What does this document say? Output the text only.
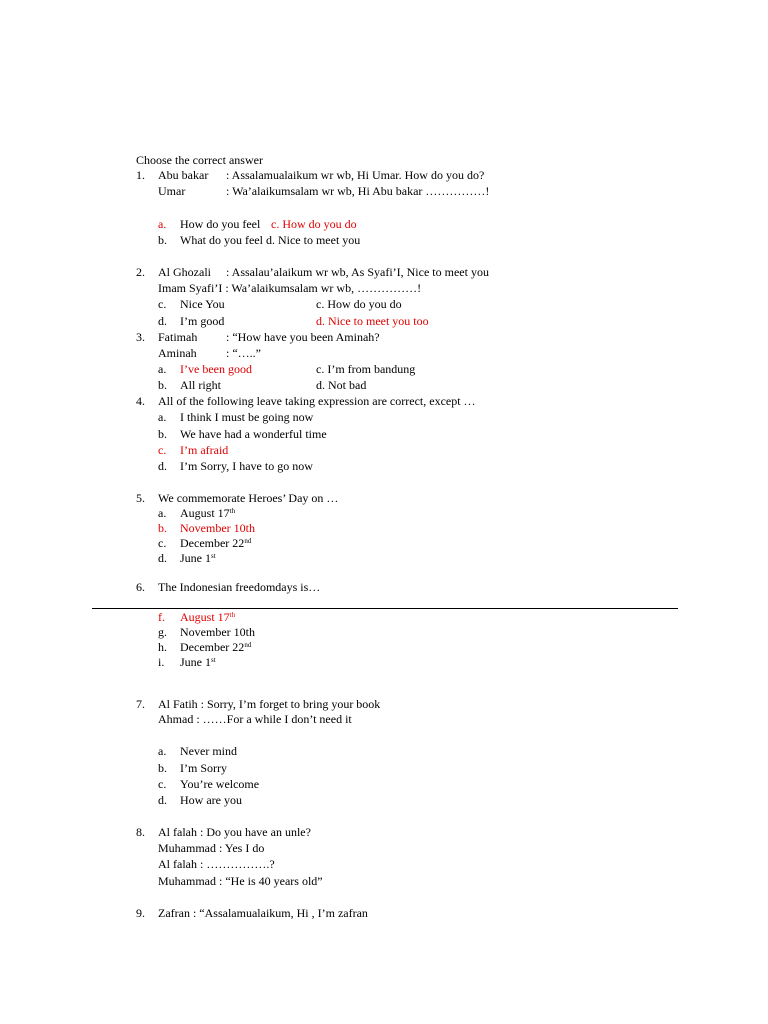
Choose the correct answer
1. Abu bakar : Assalamualaikum wr wb, Hi Umar. How do you do?
Umar	: Wa’alaikumsalam wr wb, Hi Abu bakar ……………!
a. How do you feel c. How do you do
b. What do you feel d. Nice to meet you
2. Al Ghozali : Assalau’alaikum wr wb, As Syafi’I, Nice to meet you
Imam Syafi’I : Wa’alaikumsalam wr wb, ……………!
c. Nice You	c. How do you do
d. I’m good	d. Nice to meet you too
3. Fatimah : “How have you been Aminah?
Aminah : “…..”
a. I’ve been good	c. I’m from bandung
b. All right	d. Not bad
4. All of the following leave taking expression are correct, except …
a. I think I must be going now
b. We have had a wonderful time
c. I’m afraid
d. I’m Sorry, I have to go now
5. We commemorate Heroes’ Day on …
a. August 17th
b. November 10th
c. December 22nd
d. June 1st
6. The Indonesian freedomdays is…
f. August 17th
g. November 10th
h. December 22nd
i. June 1st
7. Al Fatih : Sorry, I’m forget to bring your book
Ahmad : ……For a while I don’t need it
a. Never mind
b. I’m Sorry
c. You’re welcome
d. How are you
8. Al falah : Do you have an unle?
Muhammad : Yes I do
Al falah : …………….?
Muhammad : “He is 40 years old”
9. Zafran : “Assalamualaikum, Hi , I’m zafran
